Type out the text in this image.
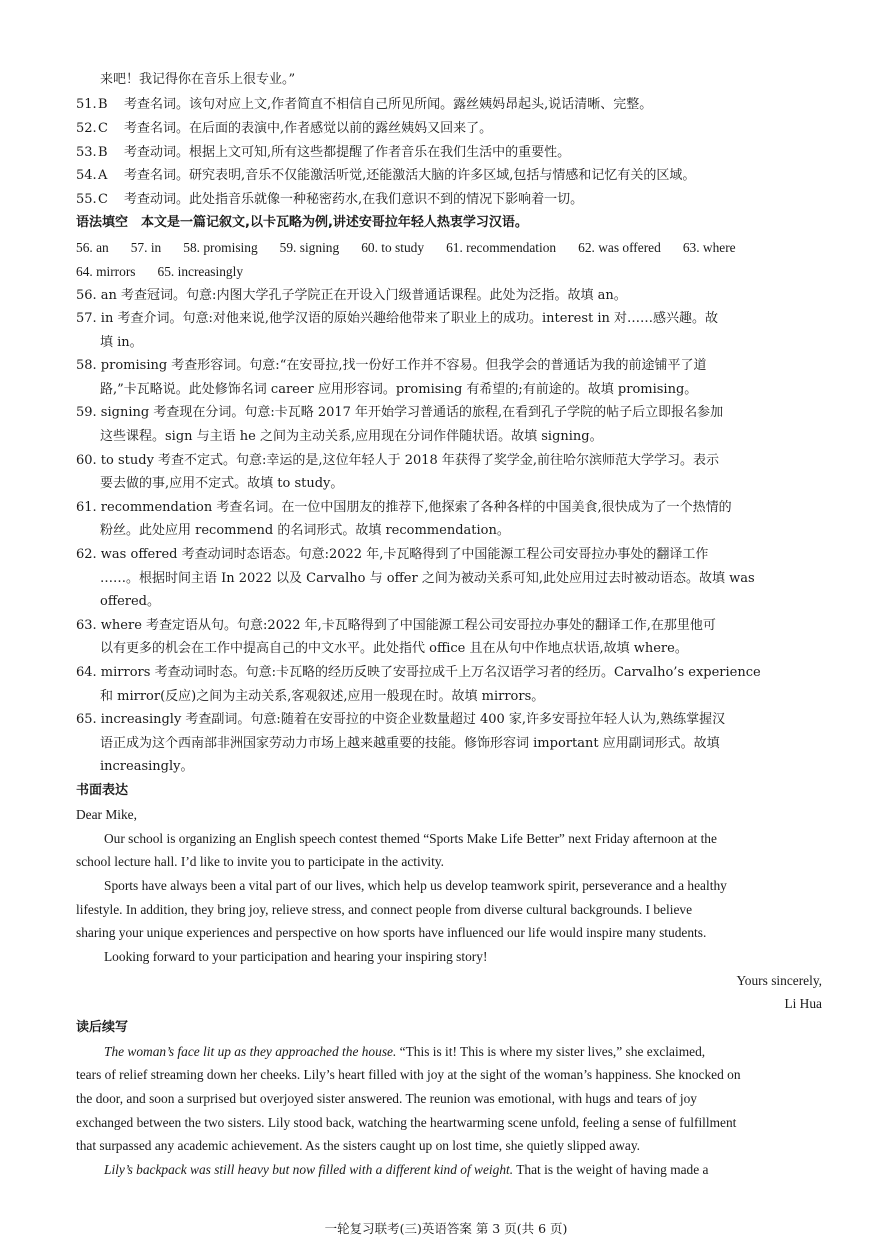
来吧！我记得你在音乐上很专业。”
51.B 考查名词。该句对应上文,作者简直不相信自己所见所闻。露丝姨妈昂起头,说话清晰、完整。
52.C 考查名词。在后面的表演中,作者感觉以前的露丝姨妈又回来了。
53.B 考查动词。根据上文可知,所有这些都提醒了作者音乐在我们生活中的重要性。
54.A 考查名词。研究表明,音乐不仅能激活听觉,还能激活大脑的许多区域,包括与情感和记忆有关的区域。
55.C 考查动词。此处指音乐就像一种秘密药水,在我们意识不到的情况下影响着一切。
语法填空　本文是一篇记叙文,以卡瓦略为例,讲述安哥拉年轻人热衷学习汉语。
56. an 57. in 58. promising 59. signing 60. to study 61. recommendation 62. was offered 63. where
64. mirrors 65. increasingly
56. an 考查冠词。句意:内图大学孔子学院正在开设入门级普通话课程。此处为泛指。故填 an。
57. in 考查介词。句意:对他来说,他学汉语的原始兴趣给他带来了职业上的成功。interest in 对……感兴趣。故
填 in。
58. promising 考查形容词。句意:“在安哥拉,找一份好工作并不容易。但我学会的普通话为我的前途铺平了道
路,”卡瓦略说。此处修饰名词 career 应用形容词。promising 有希望的;有前途的。故填 promising。
59. signing 考查现在分词。句意:卡瓦略 2017 年开始学习普通话的旅程,在看到孔子学院的帖子后立即报名参加
这些课程。sign 与主语 he 之间为主动关系,应用现在分词作伴随状语。故填 signing。
60. to study 考查不定式。句意:幸运的是,这位年轻人于 2018 年获得了奖学金,前往哈尔滨师范大学学习。表示
要去做的事,应用不定式。故填 to study。
61. recommendation 考查名词。在一位中国朋友的推荐下,他探索了各种各样的中国美食,很快成为了一个热情的
粉丝。此处应用 recommend 的名词形式。故填 recommendation。
62. was offered 考查动词时态语态。句意:2022 年,卡瓦略得到了中国能源工程公司安哥拉办事处的翻译工作
……。根据时间主语 In 2022 以及 Carvalho 与 offer 之间为被动关系可知,此处应用过去时被动语态。故填 was
offered。
63. where 考查定语从句。句意:2022 年,卡瓦略得到了中国能源工程公司安哥拉办事处的翻译工作,在那里他可
以有更多的机会在工作中提高自己的中文水平。此处指代 office 且在从句中作地点状语,故填 where。
64. mirrors 考查动词时态。句意:卡瓦略的经历反映了安哥拉成千上万名汉语学习者的经历。Carvalho’s experience
和 mirror(反应)之间为主动关系,客观叙述,应用一般现在时。故填 mirrors。
65. increasingly 考查副词。句意:随着在安哥拉的中资企业数量超过 400 家,许多安哥拉年轻人认为,熟练掌握汉
语正成为这个西南部非洲国家劳动力市场上越来越重要的技能。修饰形容词 important 应用副词形式。故填
increasingly。
书面表达
Dear Mike,
Our school is organizing an English speech contest themed “Sports Make Life Better” next Friday afternoon at the
school lecture hall. I’d like to invite you to participate in the activity.
Sports have always been a vital part of our lives, which help us develop teamwork spirit, perseverance and a healthy
lifestyle. In addition, they bring joy, relieve stress, and connect people from diverse cultural backgrounds. I believe
sharing your unique experiences and perspective on how sports have influenced our life would inspire many students.
Looking forward to your participation and hearing your inspiring story!
Yours sincerely,
Li Hua
读后续写
The woman’s face lit up as they approached the house. “This is it! This is where my sister lives,” she exclaimed,
tears of relief streaming down her cheeks. Lily’s heart filled with joy at the sight of the woman’s happiness. She knocked on
the door, and soon a surprised but overjoyed sister answered. The reunion was emotional, with hugs and tears of joy
exchanged between the two sisters. Lily stood back, watching the heartwarming scene unfold, feeling a sense of fulfillment
that surpassed any academic achievement. As the sisters caught up on lost time, she quietly slipped away.
Lily’s backpack was still heavy but now filled with a different kind of weight. That is the weight of having made a
一轮复习联考(三)英语答案 第 3 页(共 6 页)
